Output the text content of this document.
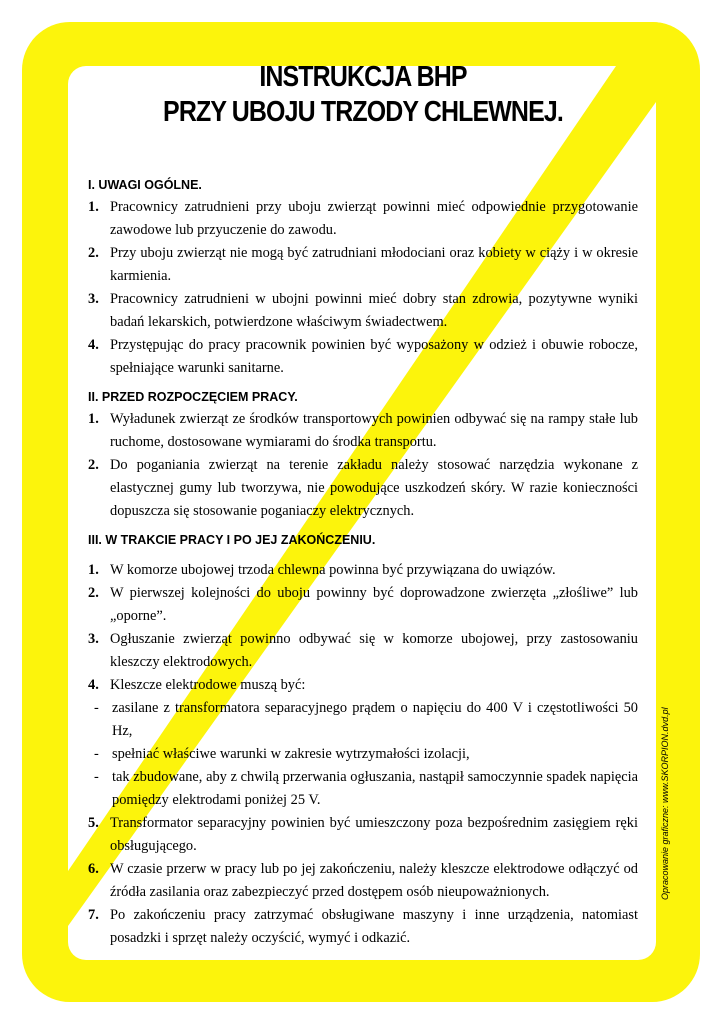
INSTRUKCJA BHP
PRZY UBOJU TRZODY CHLEWNEJ.

I. UWAGI OGÓLNE.

1. Pracownicy zatrudnieni przy uboju zwierząt powinni mieć odpowiednie przygotowanie zawodowe lub przyuczenie do zawodu.
2. Przy uboju zwierząt nie mogą być zatrudniani młodociani oraz kobiety w ciąży i w okresie karmienia.
3. Pracownicy zatrudnieni w ubojni powinni mieć dobry stan zdrowia, pozytywne wyniki badań lekarskich, potwierdzone właściwym świadectwem.
4. Przystępując do pracy pracownik powinien być wyposażony w odzież i obuwie robocze, spełniające warunki sanitarne.

II. PRZED ROZPOCZĘCIEM PRACY.

1. Wyładunek zwierząt ze środków transportowych powinien odbywać się na rampy stałe lub ruchome, dostosowane wymiarami do środka transportu.
2. Do poganiania zwierząt na terenie zakładu należy stosować narzędzia wykonane z elastycznej gumy lub tworzywa, nie powodujące uszkodzeń skóry. W razie konieczności dopuszcza się stosowanie poganiaczy elektrycznych.

III. W TRAKCIE PRACY I PO JEJ ZAKOŃCZENIU.

1. W komorze ubojowej trzoda chlewna powinna być przywiązana do uwiązów.
2. W pierwszej kolejności do uboju powinny być doprowadzone zwierzęta „złośliwe” lub „oporne”.
3. Ogłuszanie zwierząt powinno odbywać się w komorze ubojowej, przy zastosowaniu kleszczy elektrodowych.
4. Kleszcze elektrodowe muszą być:
- zasilane z transformatora separacyjnego prądem o napięciu do 400 V i częstotliwości 50 Hz,
- spełniać właściwe warunki w zakresie wytrzymałości izolacji,
- tak zbudowane, aby z chwilą przerwania ogłuszania, nastąpił samoczynnie spadek napięcia pomiędzy elektrodami poniżej 25 V.
5. Transformator separacyjny powinien być umieszczony poza bezpośrednim zasięgiem ręki obsługującego.
6. W czasie przerw w pracy lub po jej zakończeniu, należy kleszcze elektrodowe odłączyć od źródła zasilania oraz zabezpieczyć przed dostępem osób nieupoważnionych.
7. Po zakończeniu pracy zatrzymać obsługiwane maszyny i inne urządzenia, natomiast posadzki i sprzęt należy oczyścić, wymyć i odkazić.
Opracowanie graficzne: www.SKORPION.dvd.pl
